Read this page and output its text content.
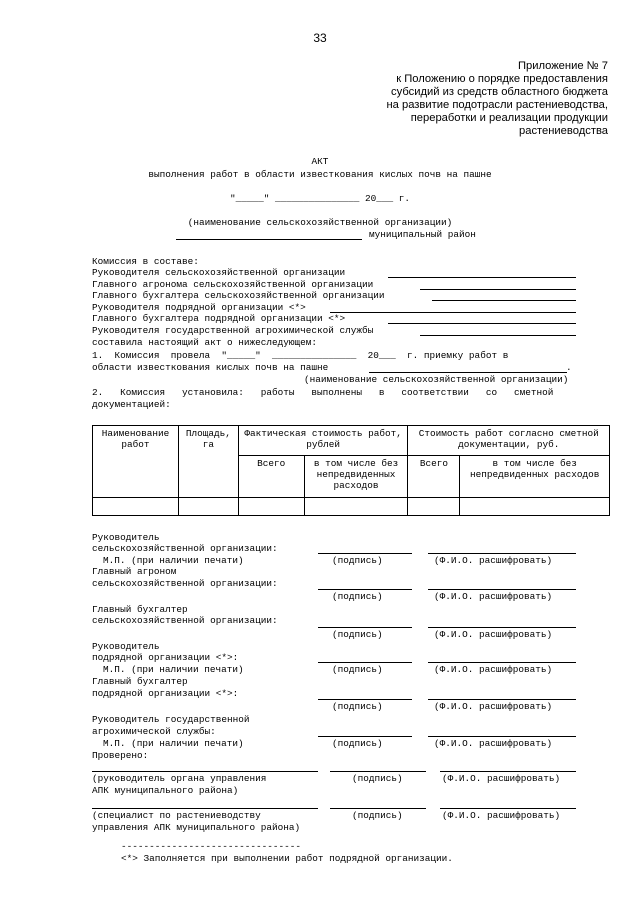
33
Приложение № 7
к Положению о порядке предоставления
субсидий из средств областного бюджета
на развитие подотрасли растениеводства,
переработки и реализации продукции
растениеводства
АКТ
выполнения работ в области известкования кислых почв на пашне
"_____" _______________ 20___ г.
(наименование сельскохозяйственной организации)
муниципальный район
Комиссия в составе:
Руководителя сельскохозяйственной организации
Главного агронома сельскохозяйственной организации
Главного бухгалтера сельскохозяйственной организации
Руководителя подрядной организации <*>
Главного бухгалтера подрядной организации <*>
Руководителя государственной агрохимической службы
составила настоящий акт о нижеследующем:
1.  Комиссия  провела  "_____"  _______________  20___  г. приемку работ в
области известкования кислых почв на пашне	.
(наименование сельскохозяйственной организации)
2.   Комиссия   установила:   работы   выполнены   в   соответствии   со   сметной
документацией:
Наименование работ	Площадь, га	Фактическая стоимость работ, рублей		Стоимость работ согласно сметной документации, руб.	
		Всего	в том числе без непредвиденных расходов	Всего	в том числе без непредвиденных расходов

Руководитель
сельскохозяйственной организации:
М.П. (при наличии печати)	(подпись)	(Ф.И.О. расшифровать)
Главный агроном
сельскохозяйственной организации:
(подпись)	(Ф.И.О. расшифровать)
Главный бухгалтер
сельскохозяйственной организации:
(подпись)	(Ф.И.О. расшифровать)
Руководитель
подрядной организации <*>:
М.П. (при наличии печати)	(подпись)	(Ф.И.О. расшифровать)
Главный бухгалтер
подрядной организации <*>:
(подпись)	(Ф.И.О. расшифровать)
Руководитель государственной
агрохимической службы:
М.П. (при наличии печати)	(подпись)	(Ф.И.О. расшифровать)
Проверено:
(руководитель органа управления	(подпись)	(Ф.И.О. расшифровать)
АПК муниципального района)
(специалист по растениеводству	(подпись)	(Ф.И.О. расшифровать)
управления АПК муниципального района)
--------------------------------
<*> Заполняется при выполнении работ подрядной организации.
